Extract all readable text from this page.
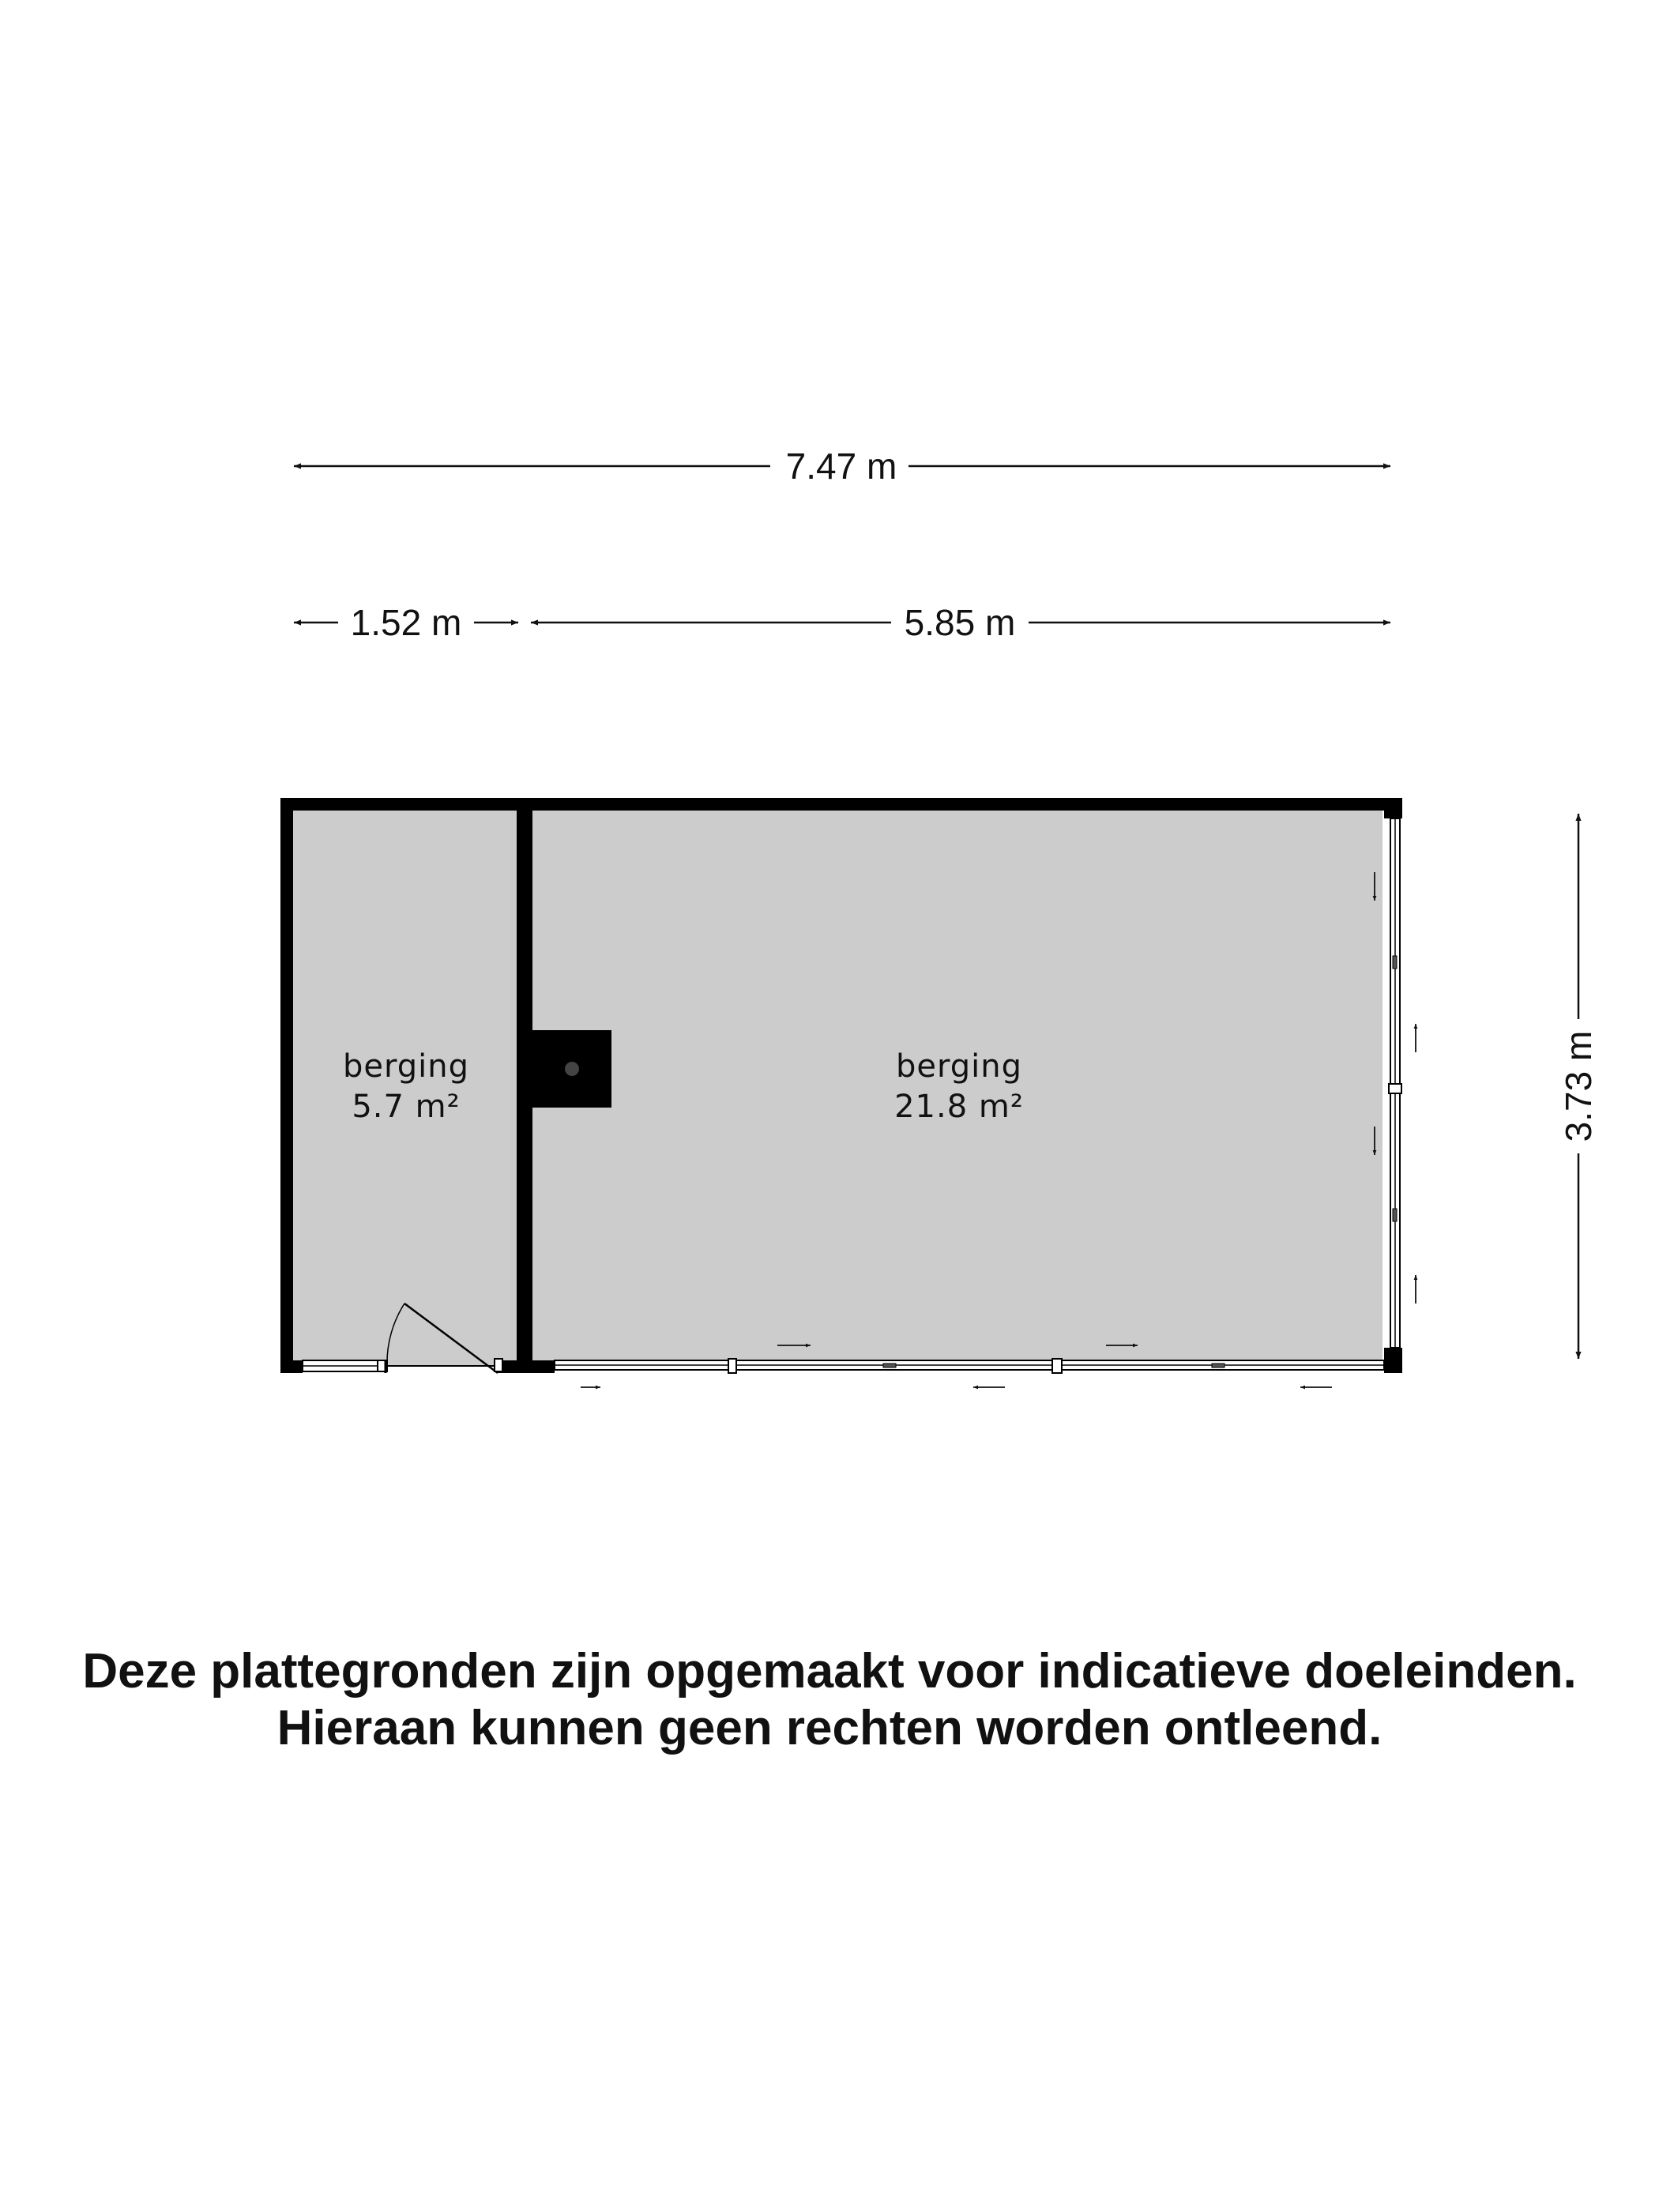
7.47 m
1.52 m	5.85 m
3.73 m
berging
5.7 m²
berging
21.8 m²

Deze plattegronden zijn opgemaakt voor indicatieve doeleinden.

Hieraan kunnen geen rechten worden ontleend.
